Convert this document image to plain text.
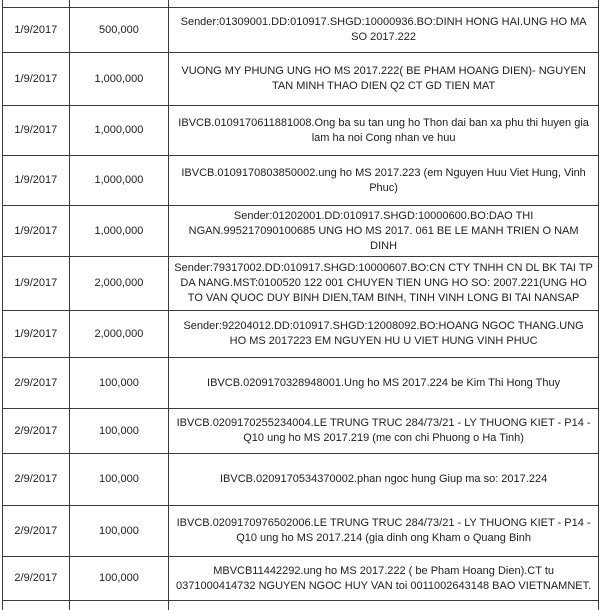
1/9/2017	500,000	Sender:01309001.DD:010917.SHGD:10000936.BO:DINH HONG HAI.UNG HO MA SO 2017.222
1/9/2017	1,000,000	VUONG MY PHUNG UNG HO MS 2017.222( BE PHAM HOANG DIEN)- NGUYEN TAN MINH THAO DIEN Q2 CT GD TIEN MAT
1/9/2017	1,000,000	IBVCB.0109170611881008.Ong ba su tan ung ho Thon dai ban xa phu thi huyen gia lam ha noi Cong nhan ve huu
1/9/2017	1,000,000	IBVCB.0109170803850002.ung ho MS 2017.223 (em Nguyen Huu Viet Hung, Vinh Phuc)
1/9/2017	1,000,000	Sender:01202001.DD:010917.SHGD:10000600.BO:DAO THI NGAN.995217090100685 UNG HO MS 2017. 061 BE LE MANH TRIEN O NAM DINH
1/9/2017	2,000,000	Sender:79317002.DD:010917.SHGD:10000607.BO:CN CTY TNHH CN DL BK TAI TP DA NANG.MST:0100520 122 001 CHUYEN TIEN UNG HO SO: 2007.221(UNG HO TO VAN QUOC DUY BINH DIEN,TAM BINH, TINH VINH LONG BI TAI NANSAP
1/9/2017	2,000,000	Sender:92204012.DD:010917.SHGD:12008092.BO:HOANG NGOC THANG.UNG HO MS 2017223 EM NGUYEN HU U VIET HUNG VINH PHUC
2/9/2017	100,000	IBVCB.0209170328948001.Ung ho MS 2017.224 be Kim Thi Hong Thuy
2/9/2017	100,000	IBVCB.0209170255234004.LE TRUNG TRUC 284/73/21 - LY THUONG KIET - P14 - Q10 ung ho MS 2017.219 (me con chi Phuong o Ha Tinh)
2/9/2017	100,000	IBVCB.0209170534370002.phan ngoc hung Giup ma so: 2017.224
2/9/2017	100,000	IBVCB.0209170976502006.LE TRUNG TRUC 284/73/21 - LY THUONG KIET - P14 - Q10 ung ho MS 2017.214 (gia dinh ong Kham o Quang Binh
2/9/2017	100,000	MBVCB11442292.ung ho MS 2017.222 ( be Pham Hoang Dien).CT tu 0371000414732 NGUYEN NGOC HUY VAN toi 0011002643148 BAO VIETNAMNET.
